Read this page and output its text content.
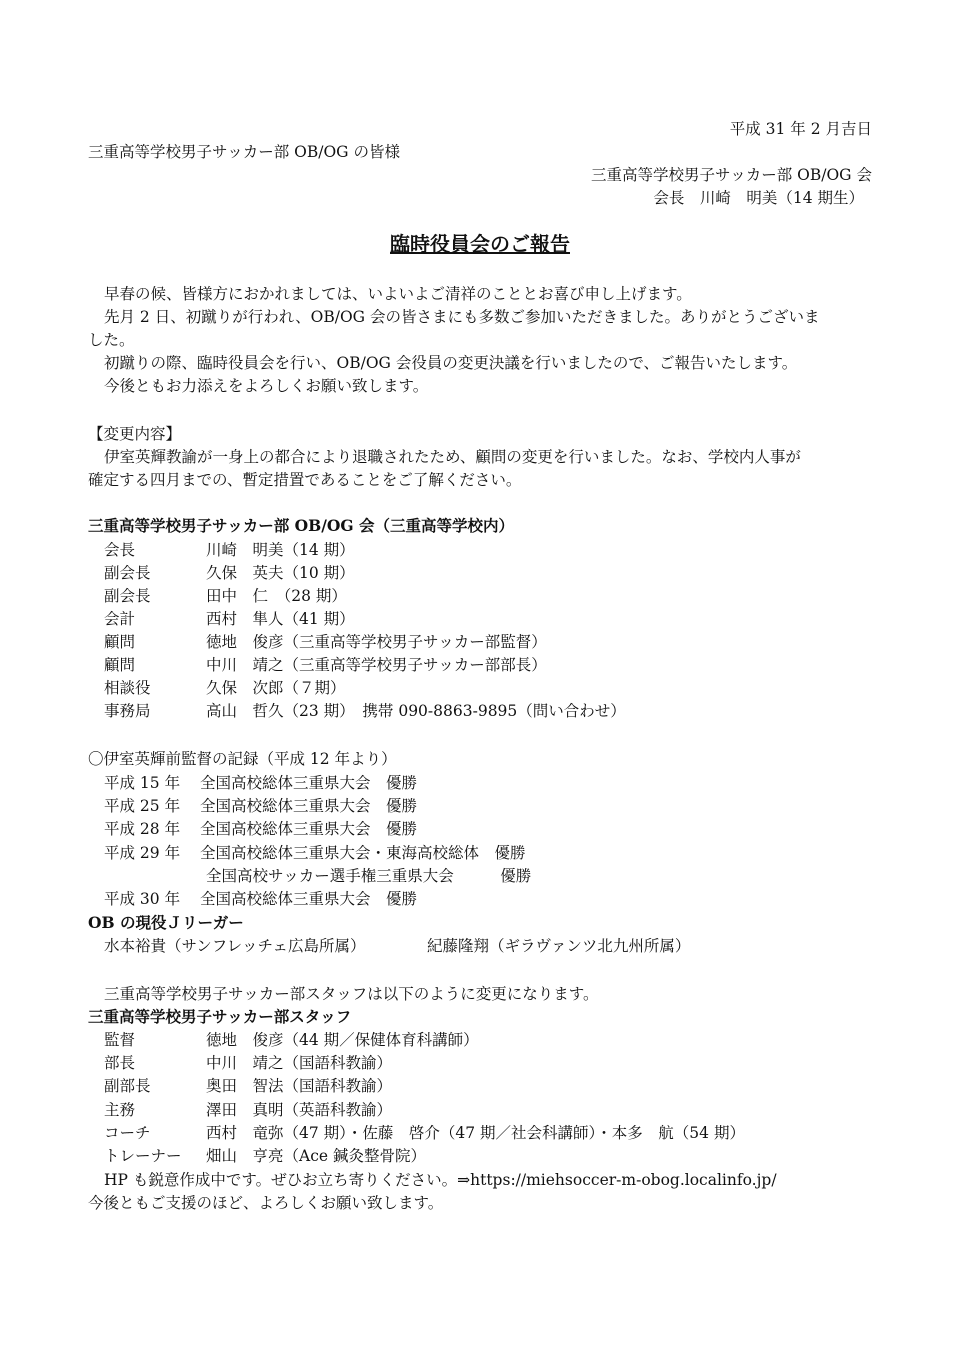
平成 31 年 2 月吉日
三重高等学校男子サッカー部 OB/OG の皆様
三重高等学校男子サッカー部 OB/OG 会
会長　川崎　明美（14 期生）
臨時役員会のご報告
早春の候、皆様方におかれましては、いよいよご清祥のこととお喜び申し上げます。
先月 2 日、初蹴りが行われ、OB/OG 会の皆さまにも多数ご参加いただきました。ありがとうございま
した。
初蹴りの際、臨時役員会を行い、OB/OG 会役員の変更決議を行いましたので、ご報告いたします。
今後ともお力添えをよろしくお願い致します。
【変更内容】
伊室英輝教諭が一身上の都合により退職されたため、顧問の変更を行いました。なお、学校内人事が
確定する四月までの、暫定措置であることをご了解ください。
三重高等学校男子サッカー部 OB/OG 会（三重高等学校内）
会長	川崎　明美（14 期）
副会長	久保　英夫（10 期）
副会長	田中　仁　（28 期）
会計	西村　隼人（41 期）
顧問	徳地　俊彦（三重高等学校男子サッカー部監督）
顧問	中川　靖之（三重高等学校男子サッカー部部長）
相談役	久保　次郎（７期）
事務局	高山　哲久（23 期）　携帯 090-8863-9895（問い合わせ）
〇伊室英輝前監督の記録（平成 12 年より）
平成 15 年 全国高校総体三重県大会　優勝
平成 25 年 全国高校総体三重県大会　優勝
平成 28 年 全国高校総体三重県大会　優勝
平成 29 年 全国高校総体三重県大会・東海高校総体　優勝
全国高校サッカー選手権三重県大会　　　優勝
平成 30 年 全国高校総体三重県大会　優勝
OB の現役Ｊリーガー
水本裕貴（サンフレッチェ広島所属）	紀藤隆翔（ギラヴァンツ北九州所属）
三重高等学校男子サッカー部スタッフは以下のように変更になります。
三重高等学校男子サッカー部スタッフ
監督	徳地　俊彦（44 期／保健体育科講師）
部長	中川　靖之（国語科教諭）
副部長	奥田　智法（国語科教諭）
主務	澤田　真明（英語科教諭）
コーチ	西村　竜弥（47 期）・佐藤　啓介（47 期／社会科講師）・本多　航（54 期）
トレーナー 畑山　亨亮（Ace 鍼灸整骨院）
HP も鋭意作成中です。ぜひお立ち寄りください。⇒https://miehsoccer-m-obog.localinfo.jp/
今後ともご支援のほど、よろしくお願い致します。
